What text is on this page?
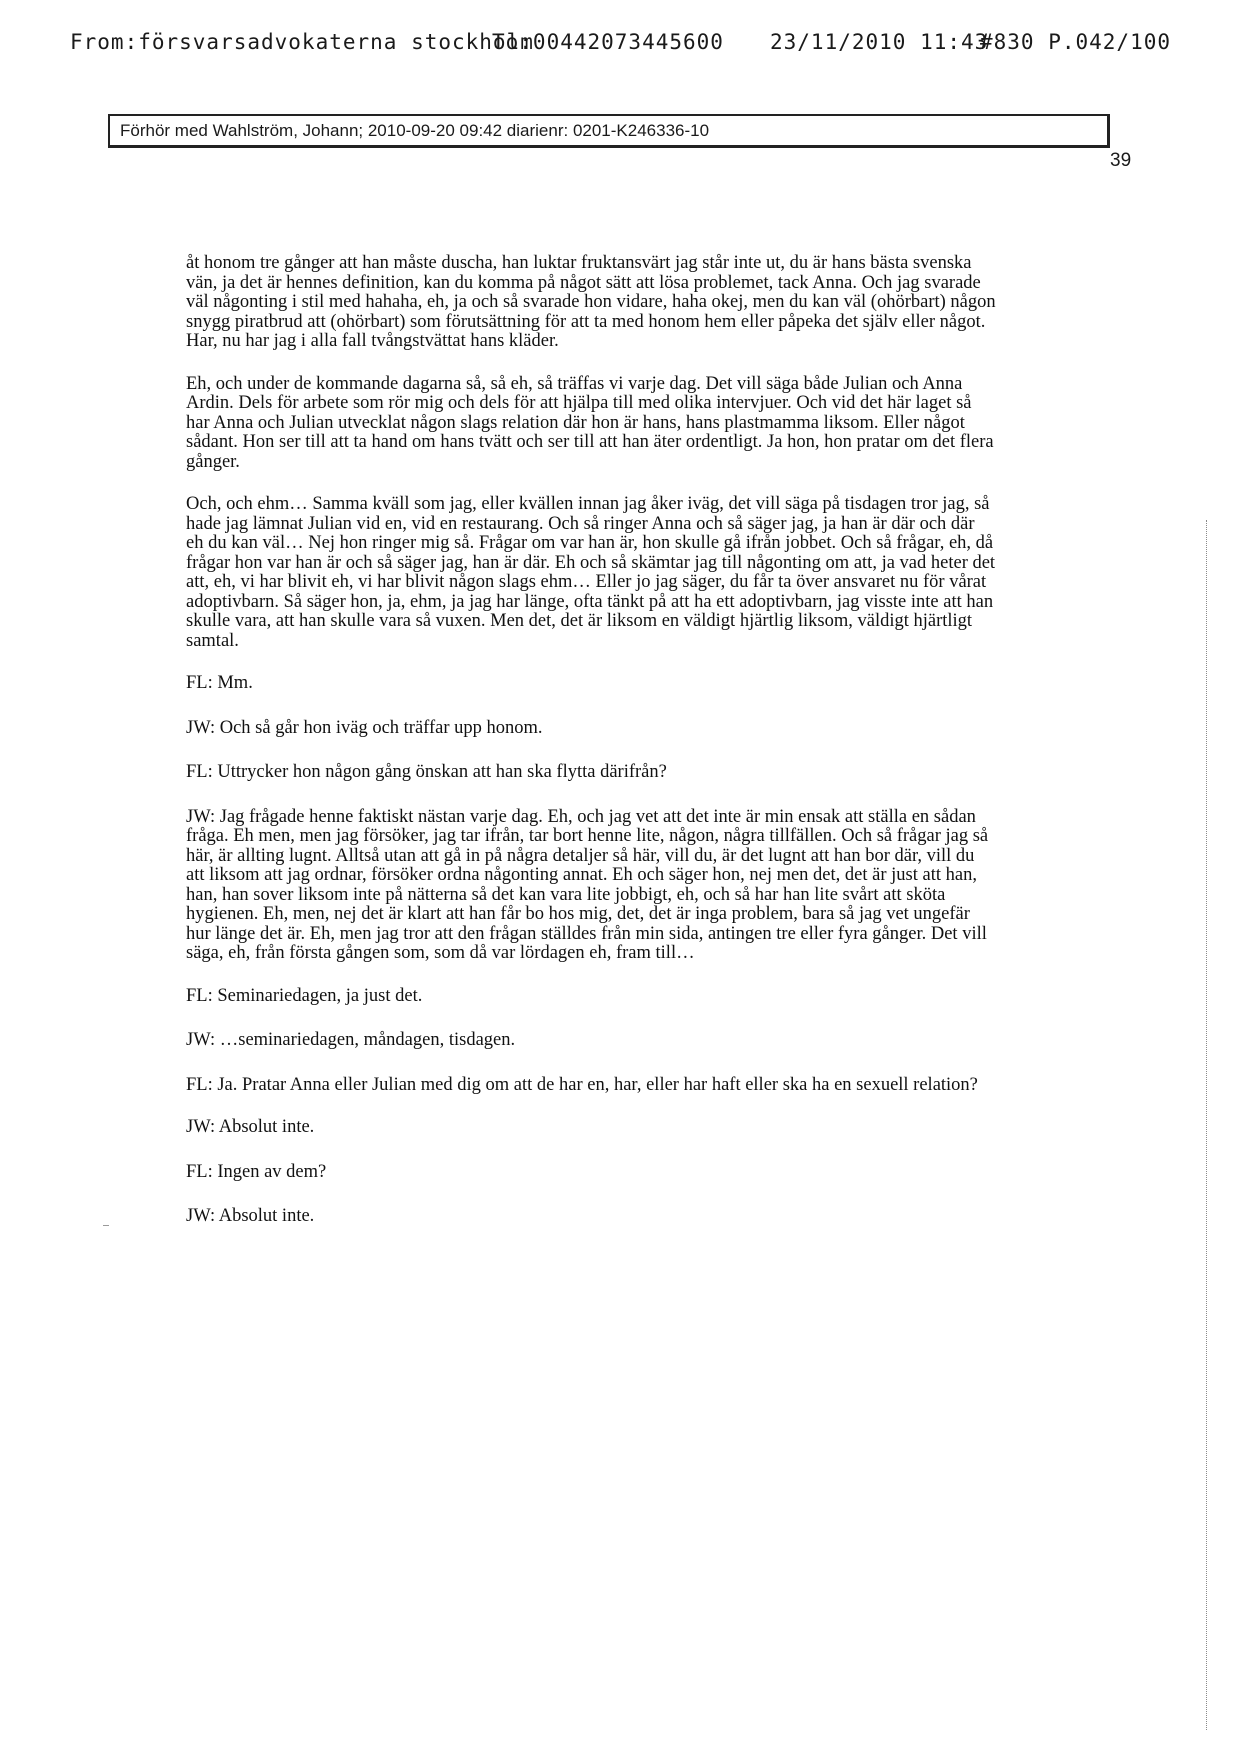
From:försvarsadvokaterna stockholm
To:00442073445600 23/11/2010 11:43
#830 P.042/100
Förhör med Wahlström, Johann; 2010-09-20 09:42 diarienr: 0201-K246336-10
39

åt honom tre gånger att han måste duscha, han luktar fruktansvärt jag står inte ut, du är hans bästa svenska vän, ja det är hennes definition, kan du komma på något sätt att lösa problemet, tack Anna. Och jag svarade väl någonting i stil med hahaha, eh, ja och så svarade hon vidare, haha okej, men du kan väl (ohörbart) någon snygg piratbrud att (ohörbart) som förutsättning för att ta med honom hem eller påpeka det själv eller något. Har, nu har jag i alla fall tvångstvättat hans kläder.

Eh, och under de kommande dagarna så, så eh, så träffas vi varje dag. Det vill säga både Julian och Anna Ardin. Dels för arbete som rör mig och dels för att hjälpa till med olika intervjuer. Och vid det här laget så har Anna och Julian utvecklat någon slags relation där hon är hans, hans plastmamma liksom. Eller något sådant. Hon ser till att ta hand om hans tvätt och ser till att han äter ordentligt. Ja hon, hon pratar om det flera gånger.

Och, och ehm… Samma kväll som jag, eller kvällen innan jag åker iväg, det vill säga på tisdagen tror jag, så hade jag lämnat Julian vid en, vid en restaurang. Och så ringer Anna och så säger jag, ja han är där och där eh du kan väl… Nej hon ringer mig så. Frågar om var han är, hon skulle gå ifrån jobbet. Och så frågar, eh, då frågar hon var han är och så säger jag, han är där. Eh och så skämtar jag till någonting om att, ja vad heter det att, eh, vi har blivit eh, vi har blivit någon slags ehm… Eller jo jag säger, du får ta över ansvaret nu för vårat adoptivbarn. Så säger hon, ja, ehm, ja jag har länge, ofta tänkt på att ha ett adoptivbarn, jag visste inte att han skulle vara, att han skulle vara så vuxen. Men det, det är liksom en väldigt hjärtlig liksom, väldigt hjärtligt samtal.

FL: Mm.

JW: Och så går hon iväg och träffar upp honom.

FL: Uttrycker hon någon gång önskan att han ska flytta därifrån?

JW: Jag frågade henne faktiskt nästan varje dag. Eh, och jag vet att det inte är min ensak att ställa en sådan fråga. Eh men, men jag försöker, jag tar ifrån, tar bort henne lite, någon, några tillfällen. Och så frågar jag så här, är allting lugnt. Alltså utan att gå in på några detaljer så här, vill du, är det lugnt att han bor där, vill du att liksom att jag ordnar, försöker ordna någonting annat. Eh och säger hon, nej men det, det är just att han, han, han sover liksom inte på nätterna så det kan vara lite jobbigt, eh, och så har han lite svårt att sköta hygienen. Eh, men, nej det är klart att han får bo hos mig, det, det är inga problem, bara så jag vet ungefär hur länge det är. Eh, men jag tror att den frågan ställdes från min sida, antingen tre eller fyra gånger. Det vill säga, eh, från första gången som, som då var lördagen eh, fram till…

FL: Seminariedagen, ja just det.

JW: …seminariedagen, måndagen, tisdagen.

FL: Ja. Pratar Anna eller Julian med dig om att de har en, har, eller har haft eller ska ha en sexuell relation?

JW: Absolut inte.

FL: Ingen av dem?

JW: Absolut inte.
